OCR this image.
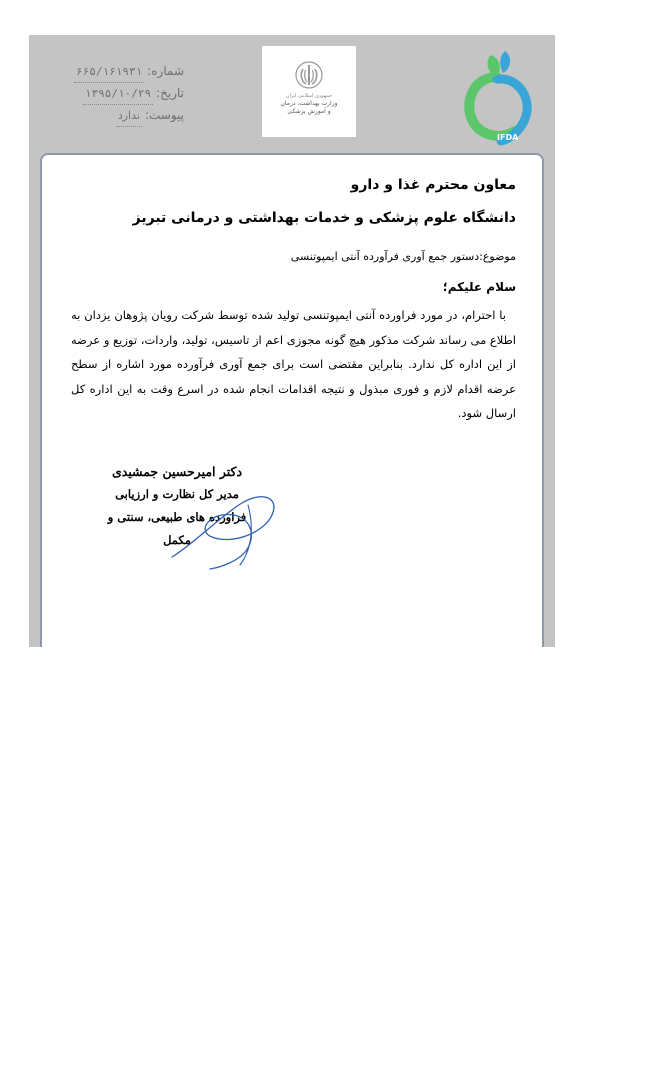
IFDA
جمهوری اسلامی ایران
وزارت بهداشت، درمان
و آموزش پزشکی
شماره:
۶۶۵/۱۶۱۹۳۱
تاریخ:
۱۳۹۵/۱۰/۲۹
پیوست:
ندارد
معاون محترم غذا و دارو
دانشگاه علوم پزشکی و خدمات بهداشتی و درمانی تبریز
موضوع:دستور جمع آوری فرآورده آنتی ایمپوتنسی
سلام علیکم؛
با احترام، در مورد فراورده آنتی ایمپوتنسی تولید شده توسط شرکت رویان پژوهان یزدان به اطلاع می رساند شرکت مذکور هیچ گونه مجوزی اعم از تاسیس، تولید، واردات، توزیع و عرضه از این اداره کل ندارد. بنابراین مقتضی است برای جمع آوری فرآورده مورد اشاره از سطح عرضه اقدام لازم و فوری مبذول و نتیجه اقدامات انجام شده در اسرع وقت به این اداره کل ارسال شود.
دکتر امیرحسین جمشیدی
مدیر کل نظارت و ارزیابی
فراورده های طبیعی، سنتی و مکمل
